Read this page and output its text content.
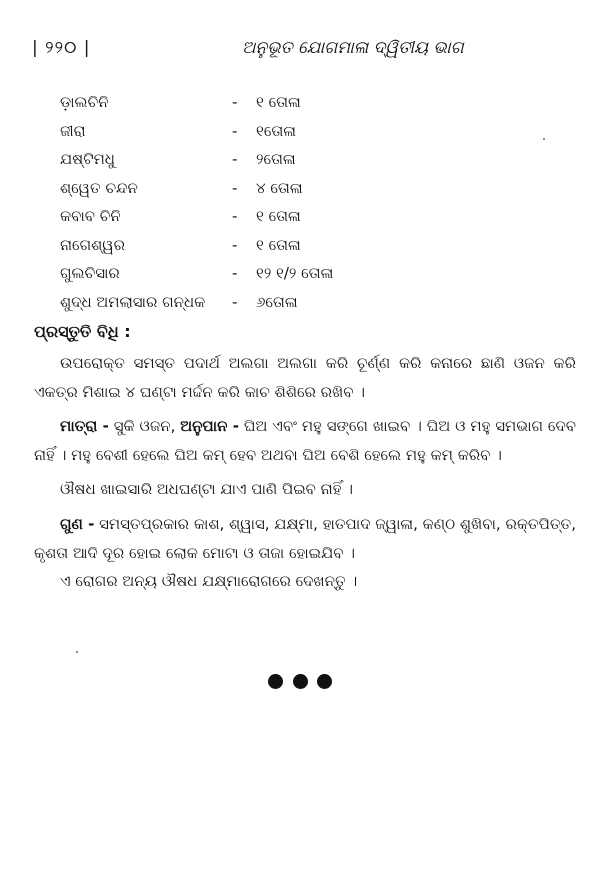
| ୨୨୦ |	ଅନୁଭୂତ ଯୋଗମାଳା ଦ୍ୱିତୀୟ ଭାଗ
ଡ଼ାଲଚିନି	- ୧ ତୋଳା
ଜୀରା	- ୧ତୋଳା
ଯଷ୍ଟିମଧୁ	- ୨ତୋଳା
ଶ୍ୱେତ ଚନ୍ଦନ	- ୪ ତୋଳା
କବାବ ଚିନି	- ୧ ତୋଳା
ନାଗେଶ୍ୱର	- ୧ ତୋଳା
ଗୁଲଚିସାର	- ୧୨ ୧/୨ ତୋଳା
ଶୁଦ୍ଧ ଅମଲାସାର ଗନ୍ଧକ - ୬ତୋଳା
ପ୍ରସ୍ତୁତି ବିଧି :

ଉପରୋକ୍ତ ସମସ୍ତ ପଦାର୍ଥ ଅଲଗା ଅଲଗା କରି ଚୂର୍ଣ୍ଣ କରି କନାରେ ଛାଣି ଓଜନ କରି ଏକତ୍ର ମିଶାଇ ୪ ଘଣ୍ଟା ମର୍ଦ୍ଦନ କରି କାଚ ଶିଶିରେ ରଖିବ ।

ମାତ୍ରା - ସୁକି ଓଜନ, ଅନୁପାନ - ଘିଅ ଏବଂ ମହୁ ସଙ୍ଗେ ଖାଇବ । ଘିଅ ଓ ମହୁ ସମଭାଗ ଦେବ ନାହିଁ । ମହୁ ବେଶୀ ହେଲେ ଘିଅ କମ୍ ହେବ ଅଥବା ଘିଅ ବେଶି ହେଲେ ମହୁ କମ୍ କରିବ ।

ଔଷଧ ଖାଇସାରି ଅଧଘଣ୍ଟା ଯାଏ ପାଣି ପିଇବ ନାହିଁ ।

ଗୁଣ - ସମସ୍ତପ୍ରକାର କାଶ, ଶ୍ୱାସ, ଯକ୍ଷ୍ମା, ହାତପାଦ ଜ୍ୱାଳା, କଣ୍ଠ ଶୁଖିବା, ରକ୍ତପିତ୍ତ, କୃଶତା ଆଦି ଦୂର ହୋଇ ଲୋକ ମୋଟା ଓ ତାଜା ହୋଇଯିବ ।

ଏ ରୋଗର ଅନ୍ୟ ଔଷଧ ଯକ୍ଷ୍ମାରୋଗରେ ଦେଖନ୍ତୁ ।
